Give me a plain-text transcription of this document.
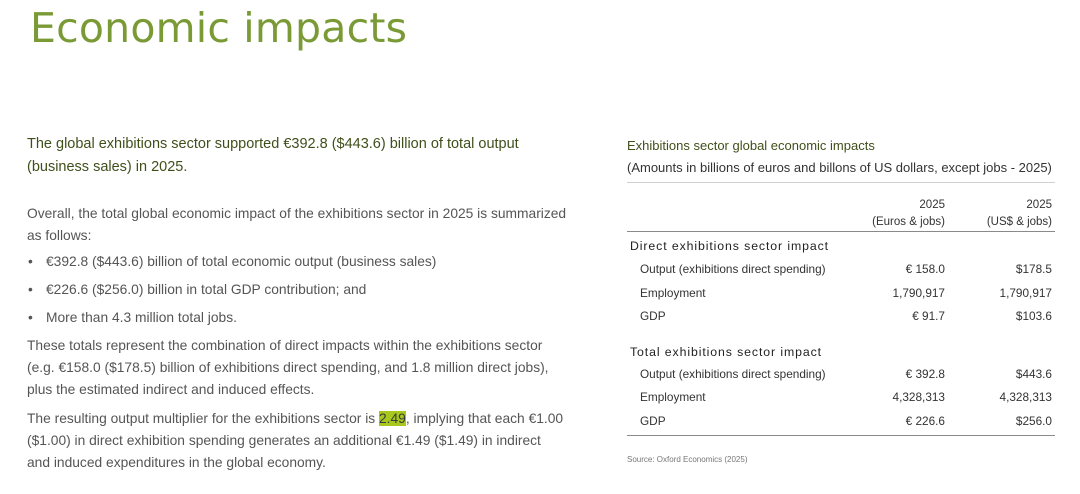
Economic impacts

The global exhibitions sector supported €392.8 ($443.6) billion of total output (business sales) in 2025.

Overall, the total global economic impact of the exhibitions sector in 2025 is summarized as follows:

• €392.8 ($443.6) billion of total economic output (business sales)
• €226.6 ($256.0) billion in total GDP contribution; and
• More than 4.3 million total jobs.

These totals represent the combination of direct impacts within the exhibitions sector (e.g. €158.0 ($178.5) billion of exhibitions direct spending, and 1.8 million direct jobs), plus the estimated indirect and induced effects.

The resulting output multiplier for the exhibitions sector is 2.49, implying that each €1.00 ($1.00) in direct exhibition spending generates an additional €1.49 ($1.49) in indirect and induced expenditures in the global economy.

Exhibitions sector global economic impacts
(Amounts in billions of euros and billons of US dollars, except jobs - 2025)
2025
(Euros & jobs)
2025
(US$ & jobs)
Direct exhibitions sector impact
Output (exhibitions direct spending)	€ 158.0	$178.5
Employment	1,790,917	1,790,917
GDP	€ 91.7	$103.6
Total exhibitions sector impact
Output (exhibitions direct spending)	€ 392.8	$443.6
Employment	4,328,313	4,328,313
GDP	€ 226.6	$256.0
Source: Oxford Economics (2025)
